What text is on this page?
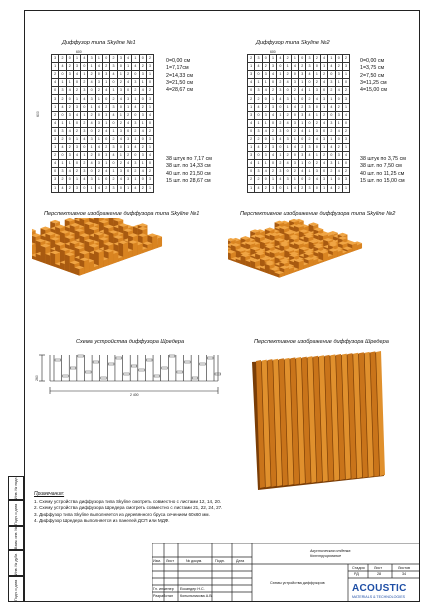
Диффузор типа Skyline №1
600
600
3	2	0	1	4	3	1	0	2	3	4	1	0	2
1	4	2	3	0	1	4	2	3	0	1	4	2	3
2	0	3	4	1	2	0	3	4	1	2	0	3	1
4	1	1	0	2	4	3	1	0	2	4	3	1	0
0	3	4	2	3	0	2	4	1	3	0	2	4	2
3	2	0	1	4	3	1	0	2	4	3	1	0	3
1	4	2	3	0	1	4	2	3	0	1	4	2	1
2	0	3	4	1	2	0	3	4	1	2	0	3	4
4	1	1	0	2	4	3	1	0	2	4	3	1	0
0	3	4	2	3	0	2	4	1	3	0	2	4	2
3	2	0	1	4	3	1	0	2	4	3	1	0	3
1	4	2	3	0	1	4	2	3	0	1	4	2	1
2	0	3	4	1	2	0	3	4	1	2	0	3	4
4	1	1	0	2	4	3	1	0	2	4	3	1	0
0	3	4	2	3	0	2	4	1	3	0	2	4	2
3	2	0	1	4	3	1	0	2	4	3	1	0	3
1	4	2	3	0	1	4	2	3	0	1	4	2	1
0=0,00 см
1=7,17см
2=14,33 см
3=21,50 см
4=28,67 см
38 штук по 7,17 см
38 шт. по 14,33 см
40 шт. по 21,50 см
15 шт. по 28,67 см
Диффузор типа Skyline №2
600
2	3	0	1	4	2	1	0	3	2	4	1	0	2
1	4	2	3	0	1	4	2	3	0	1	4	2	3
3	0	3	4	1	2	0	3	4	1	2	0	3	1
4	1	1	0	2	4	3	1	0	2	4	3	1	0
0	3	4	2	3	0	2	4	1	3	0	2	4	2
2	2	0	1	4	3	1	0	2	4	3	1	0	3
1	4	2	3	0	1	4	2	3	0	1	4	2	1
3	0	3	4	1	2	0	3	4	1	2	0	3	4
4	1	1	0	2	4	3	1	0	2	4	3	1	0
0	3	4	2	3	0	2	4	1	3	0	2	4	2
2	2	0	1	4	3	1	0	2	4	3	1	0	3
1	4	2	3	0	1	4	2	3	0	1	4	2	1
3	0	3	4	1	2	0	3	4	1	2	0	3	4
4	1	1	0	2	4	3	1	0	2	4	3	1	0
0	3	4	2	3	0	2	4	1	3	0	2	4	2
2	2	0	1	4	3	1	0	2	4	3	1	0	3
1	4	2	3	0	1	4	2	3	0	1	4	2	1
0=0,00 см
1=3,75 см
2=7,50 см
3=11,25 см
4=15,00 см
38 штук по 3,75 см
38 шт. по 7,50 см
40 шт. по 11,25 см
15 шт. по 15,00 см
Перспективное изображение диффузора типа Skyline №1	Перспективное изображение диффузора типа Skyline №2
Схема устройства диффузора Шредера
2 400
260
Перспективное изображение диффузора Шредера
Примечания:
1. Схему устройства диффузора типа Skyline смотреть совместно с листами 12, 14, 20.
2. Схему устройства диффузора Шредера смотреть совместно с листами 21, 22, 24, 27.
3. Диффузор типа Skyline выполняется из деревянного бруса сечением 60х60 мм.
4. Диффузор Шредера выполняется из панелей ДСП или МДФ.
Инв. № подл.
Подп. и дата
Взам. инв. №
Инв. № дубл.
Подп. и дата
Изм. Лист	№ докум.	Подп.	Дата
Гл. инженер Ескандер Н.С.
Разработал Копыльникова А.В.
Акустическая отделка
Конструирование
Схемы устройства диффузоров
Стадия	Лист	Листов
РД	28	34
ACOUSTIC
MATERIALS & TECHNOLOGIES
